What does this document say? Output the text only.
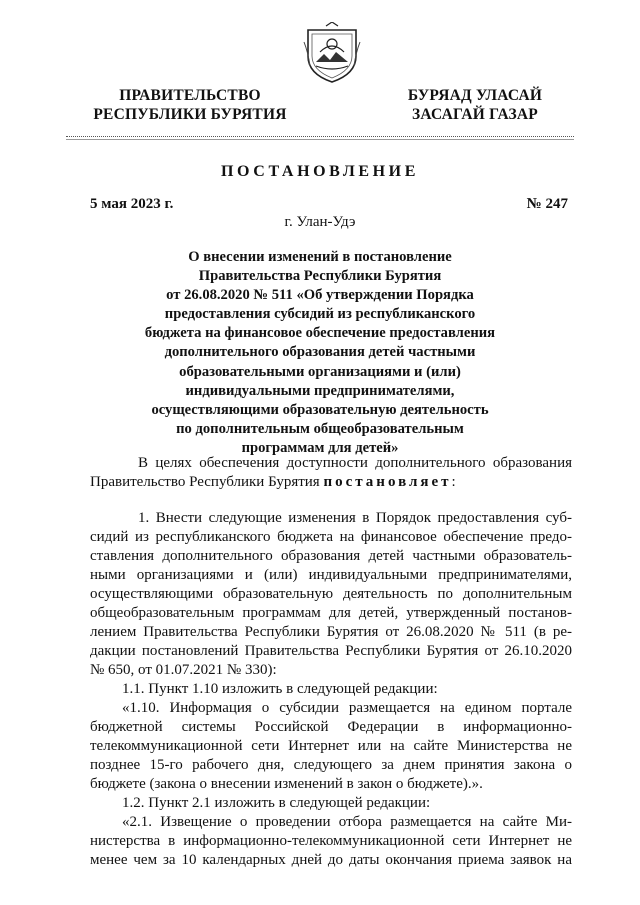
ПРАВИТЕЛЬСТВО
РЕСПУБЛИКИ БУРЯТИЯ
БУРЯАД УЛАСАЙ
ЗАСАГАЙ ГАЗАР
ПОСТАНОВЛЕНИЕ
5 мая 2023 г.	№ 247
г. Улан-Удэ
О внесении изменений в постановление
Правительства Республики Бурятия
от 26.08.2020 № 511 «Об утверждении Порядка
предоставления субсидий из республиканского
бюджета на финансовое обеспечение предоставления
дополнительного образования детей частными
образовательными организациями и (или)
индивидуальными предпринимателями,
осуществляющими образовательную деятельность
по дополнительным общеобразовательным
программам для детей»
В целях обеспечения доступности дополнительного образования
Правительство Республики Бурятия постановляет:
1. Внести следующие изменения в Порядок предоставления суб-
сидий из республиканского бюджета на финансовое обеспечение предо-
ставления дополнительного образования детей частными образователь-
ными организациями и (или) индивидуальными предпринимателями,
осуществляющими образовательную деятельность по дополнительным
общеобразовательным программам для детей, утвержденный постанов-
лением Правительства Республики Бурятия от 26.08.2020 № 511 (в ре-
дакции постановлений Правительства Республики Бурятия от 26.10.2020
№ 650, от 01.07.2021 № 330):
1.1. Пункт 1.10 изложить в следующей редакции:
«1.10. Информация о субсидии размещается на едином портале
бюджетной системы Российской Федерации в информационно-
телекоммуникационной сети Интернет или на сайте Министерства не
позднее 15-го рабочего дня, следующего за днем принятия закона о
бюджете (закона о внесении изменений в закон о бюджете).».
1.2. Пункт 2.1 изложить в следующей редакции:
«2.1. Извещение о проведении отбора размещается на сайте Ми-
нистерства в информационно-телекоммуникационной сети Интернет не
менее чем за 10 календарных дней до даты окончания приема заявок на
